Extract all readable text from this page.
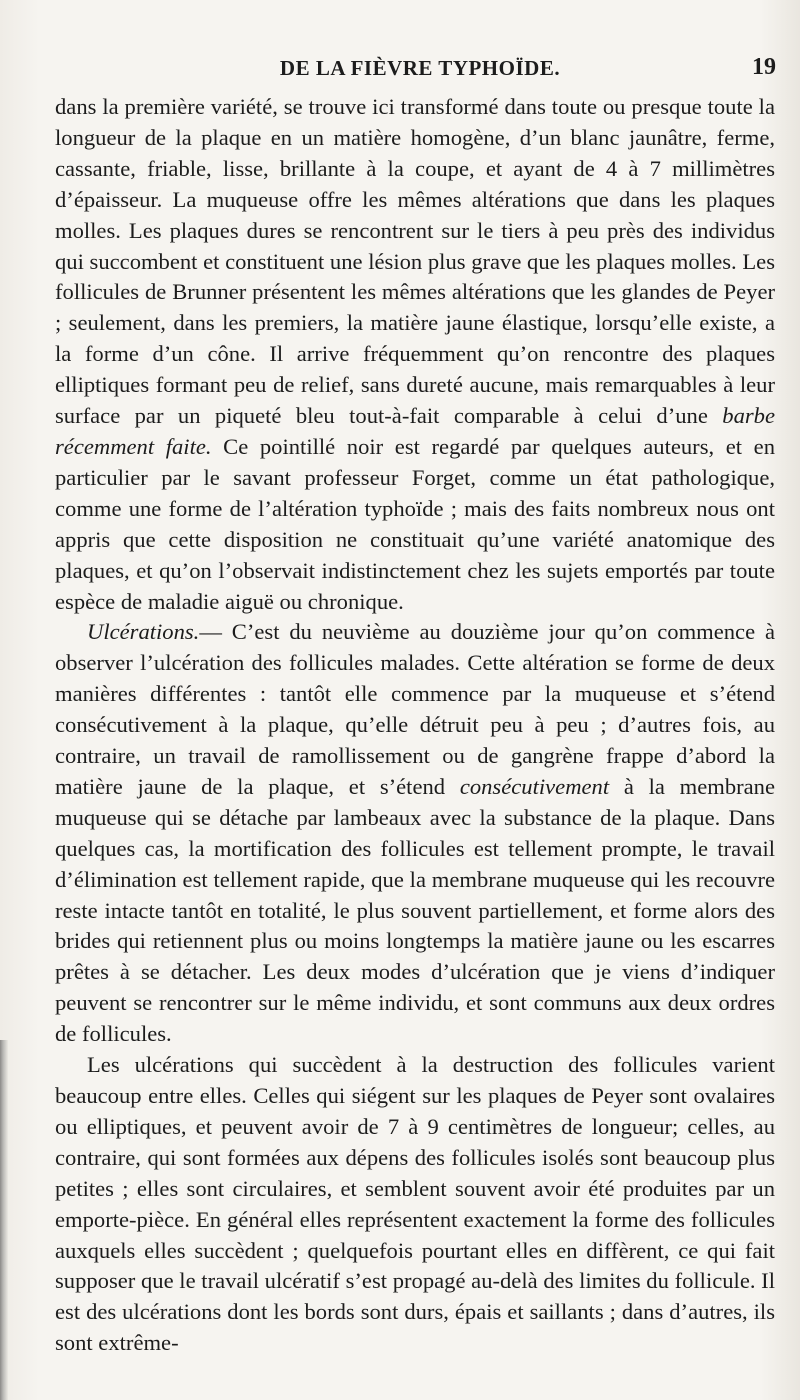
DE LA FIÈVRE TYPHOÏDE.	19

dans la première variété, se trouve ici transformé dans toute ou presque toute la longueur de la plaque en un matière homogène, d’un blanc jaunâtre, ferme, cassante, friable, lisse, brillante à la coupe, et ayant de 4 à 7 millimètres d’épaisseur. La muqueuse offre les mêmes altérations que dans les plaques molles. Les plaques dures se rencontrent sur le tiers à peu près des individus qui succombent et constituent une lésion plus grave que les plaques molles. Les follicules de Brunner présentent les mêmes altérations que les glandes de Peyer ; seulement, dans les premiers, la matière jaune élastique, lorsqu’elle existe, a la forme d’un cône. Il arrive fréquemment qu’on rencontre des plaques elliptiques formant peu de relief, sans dureté aucune, mais remarquables à leur surface par un piqueté bleu tout-à-fait comparable à celui d’une barbe récemment faite. Ce pointillé noir est regardé par quelques auteurs, et en particulier par le savant professeur Forget, comme un état pathologique, comme une forme de l’altération typhoïde ; mais des faits nombreux nous ont appris que cette disposition ne constituait qu’une variété anatomique des plaques, et qu’on l’observait indistinctement chez les sujets emportés par toute espèce de maladie aiguë ou chronique.

Ulcérations.— C’est du neuvième au douzième jour qu’on commence à observer l’ulcération des follicules malades. Cette altération se forme de deux manières différentes : tantôt elle commence par la muqueuse et s’étend consécutivement à la plaque, qu’elle détruit peu à peu ; d’autres fois, au contraire, un travail de ramollissement ou de gangrène frappe d’abord la matière jaune de la plaque, et s’étend consécutivement à la membrane muqueuse qui se détache par lambeaux avec la substance de la plaque. Dans quelques cas, la mortification des follicules est tellement prompte, le travail d’élimination est tellement rapide, que la membrane muqueuse qui les recouvre reste intacte tantôt en totalité, le plus souvent partiellement, et forme alors des brides qui retiennent plus ou moins longtemps la matière jaune ou les escarres prêtes à se détacher. Les deux modes d’ulcération que je viens d’indiquer peuvent se rencontrer sur le même individu, et sont communs aux deux ordres de follicules.

Les ulcérations qui succèdent à la destruction des follicules varient beaucoup entre elles. Celles qui siégent sur les plaques de Peyer sont ovalaires ou elliptiques, et peuvent avoir de 7 à 9 centimètres de longueur; celles, au contraire, qui sont formées aux dépens des follicules isolés sont beaucoup plus petites ; elles sont circulaires, et semblent souvent avoir été produites par un emporte-pièce. En général elles représentent exactement la forme des follicules auxquels elles succèdent ; quelquefois pourtant elles en diffèrent, ce qui fait supposer que le travail ulcératif s’est propagé au-delà des limites du follicule. Il est des ulcérations dont les bords sont durs, épais et saillants ; dans d’autres, ils sont extrême-
